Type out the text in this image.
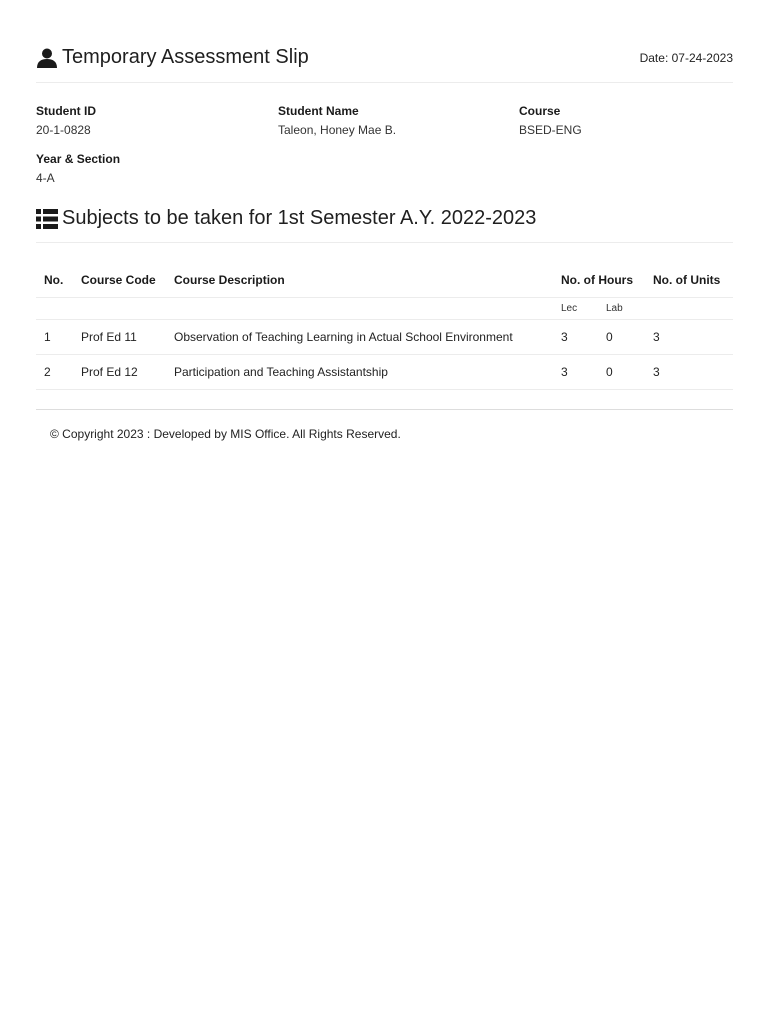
Temporary Assessment Slip	Date: 07-24-2023
Student ID
20-1-0828
Student Name
Taleon, Honey Mae B.
Course
BSED-ENG
Year & Section
4-A
Subjects to be taken for 1st Semester A.Y. 2022-2023
No.	Course Code	Course Description	No. of Hours		No. of Units
			Lec	Lab	
1	Prof Ed 11	Observation of Teaching Learning in Actual School Environment	3	0	3
2	Prof Ed 12	Participation and Teaching Assistantship	3	0	3
© Copyright 2023 : Developed by MIS Office. All Rights Reserved.
